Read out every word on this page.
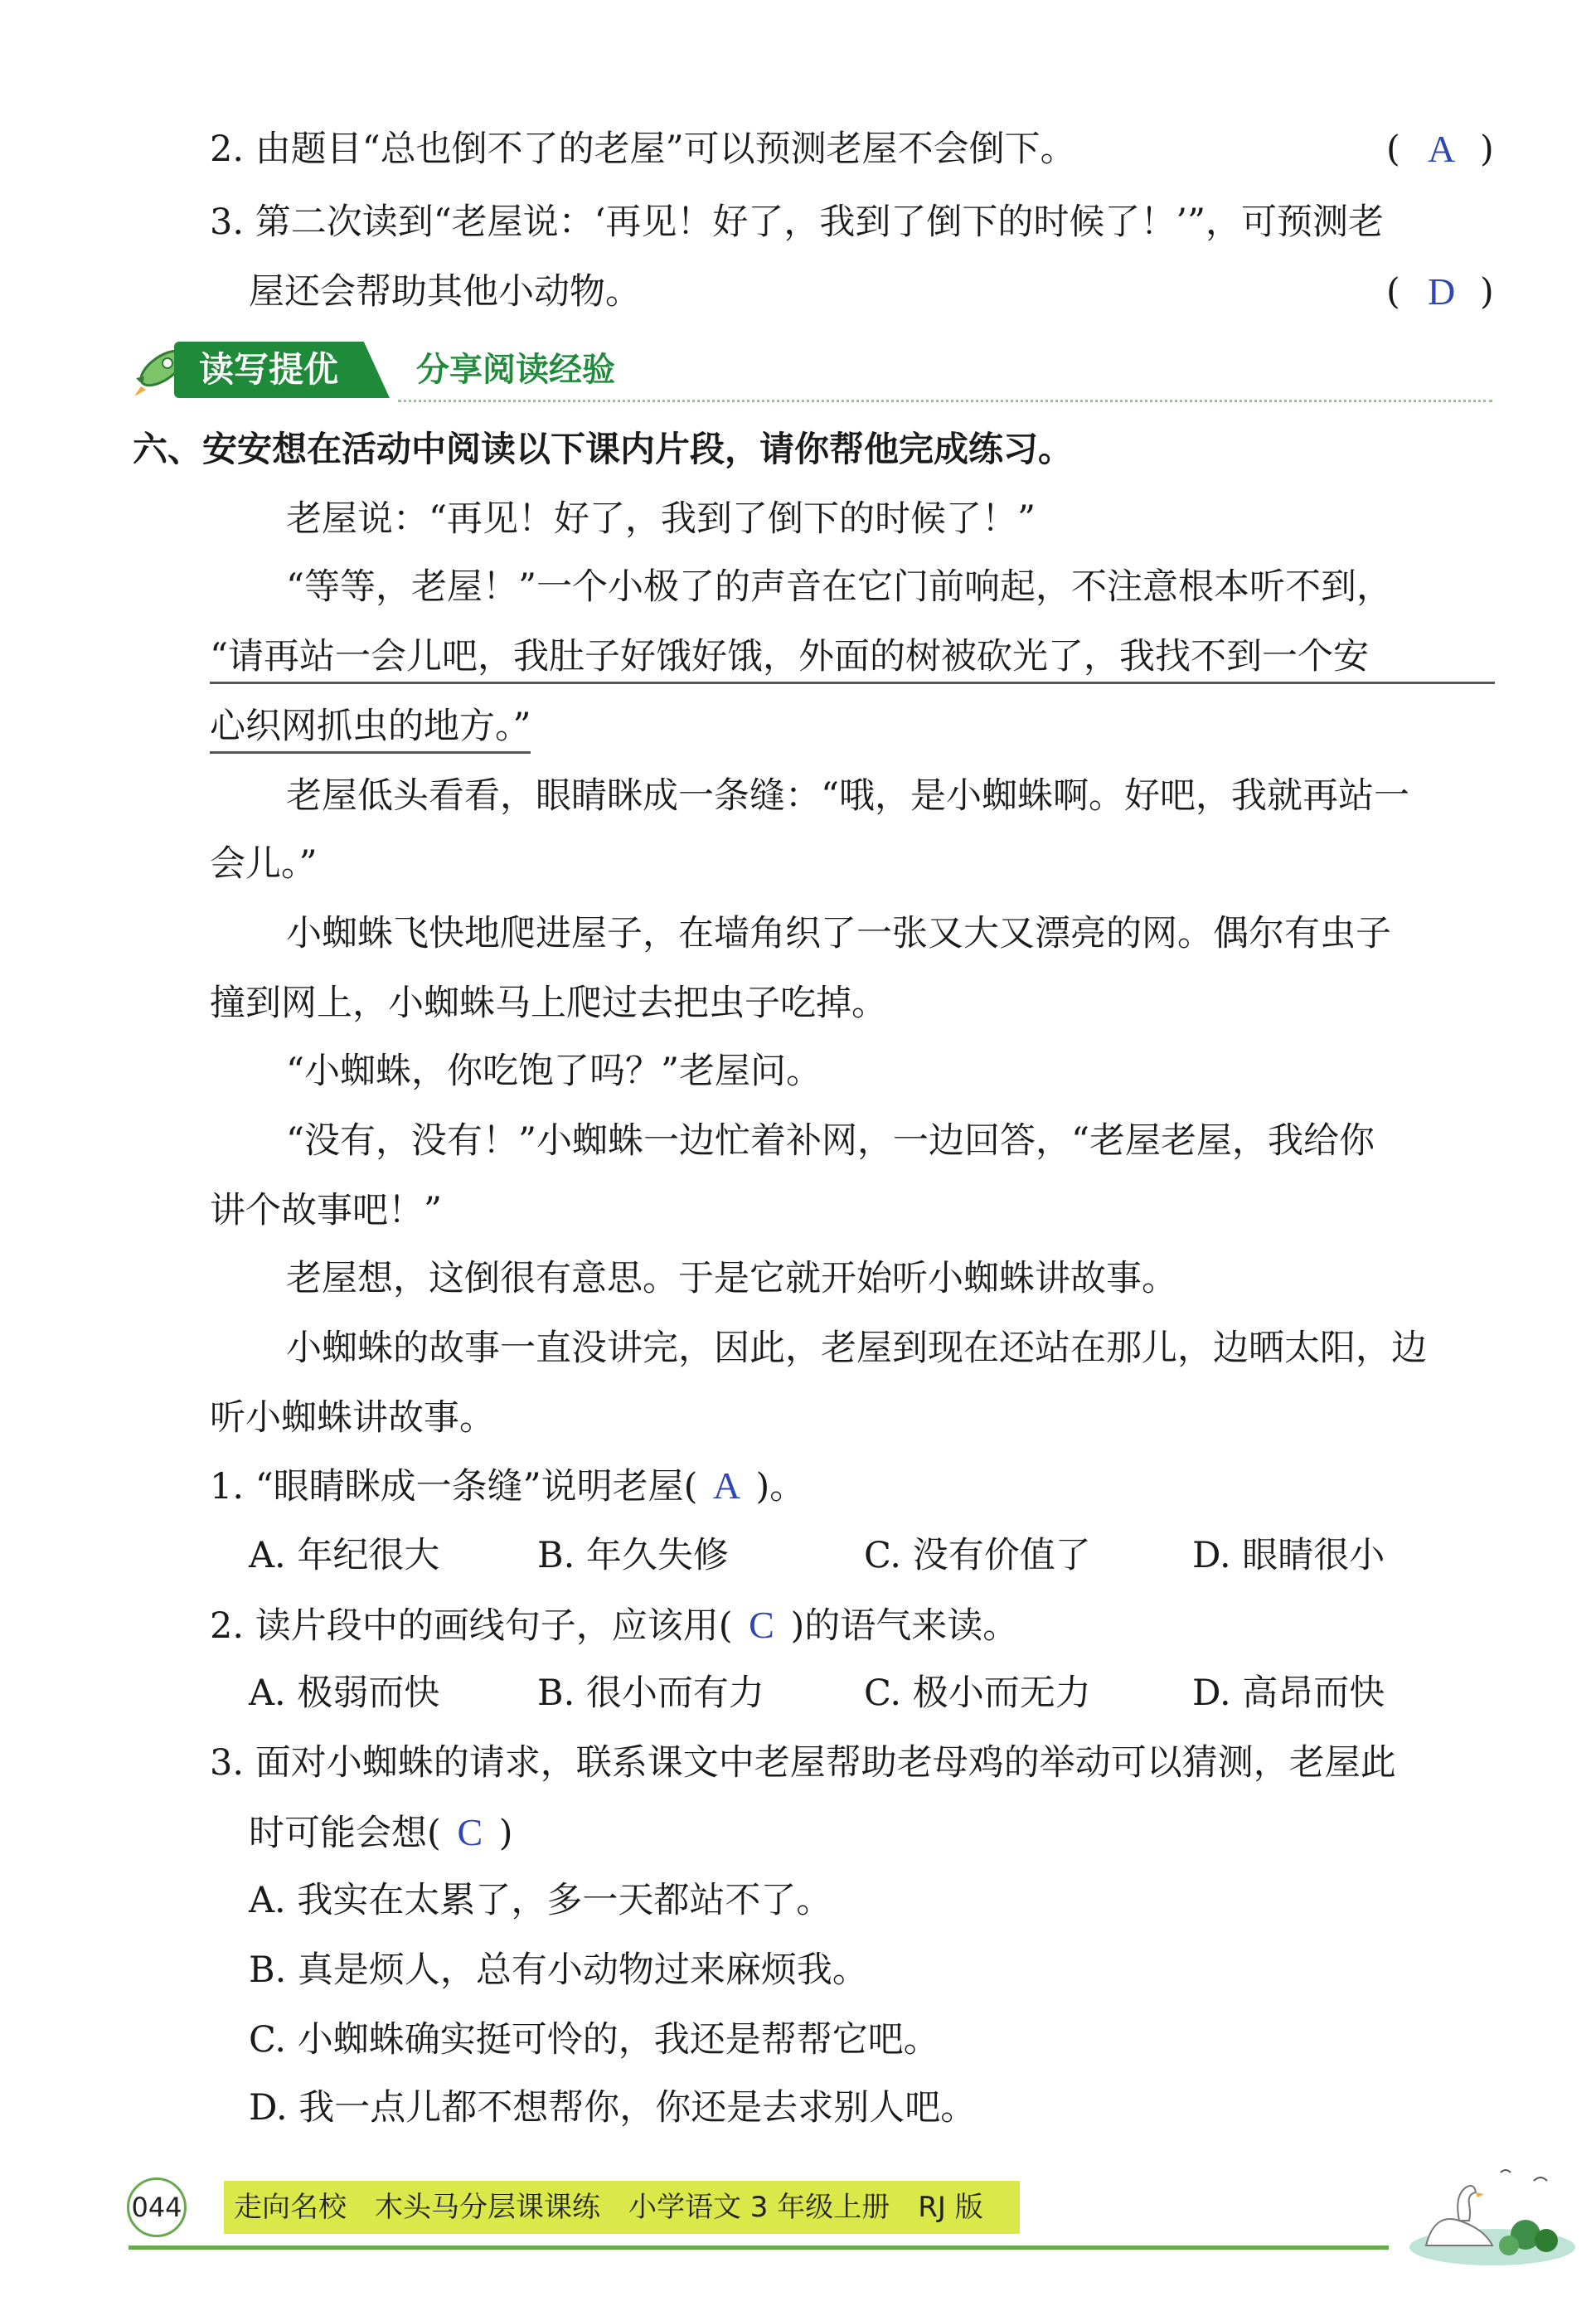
2. 由题目“总也倒不了的老屋”可以预测老屋不会倒下。	( A )
3. 第二次读到“老屋说：‘再见！好了，我到了倒下的时候了！’”，可预测老
屋还会帮助其他小动物。	( D )
读写提优 分享阅读经验
六、安安想在活动中阅读以下课内片段，请你帮他完成练习。
老屋说：“再见！好了，我到了倒下的时候了！”
“等等，老屋！”一个小极了的声音在它门前响起，不注意根本听不到，
“请再站一会儿吧，我肚子好饿好饿，外面的树被砍光了，我找不到一个安
心织网抓虫的地方。”
老屋低头看看，眼睛眯成一条缝：“哦，是小蜘蛛啊。好吧，我就再站一
会儿。”
小蜘蛛飞快地爬进屋子，在墙角织了一张又大又漂亮的网。偶尔有虫子
撞到网上，小蜘蛛马上爬过去把虫子吃掉。
“小蜘蛛，你吃饱了吗？”老屋问。
“没有，没有！”小蜘蛛一边忙着补网，一边回答，“老屋老屋，我给你
讲个故事吧！”
老屋想，这倒很有意思。于是它就开始听小蜘蛛讲故事。
小蜘蛛的故事一直没讲完，因此，老屋到现在还站在那儿，边晒太阳，边
听小蜘蛛讲故事。
1. “眼睛眯成一条缝”说明老屋( A )。
A. 年纪很大	B. 年久失修	C. 没有价值了	D. 眼睛很小
2. 读片段中的画线句子，应该用( C )的语气来读。
A. 极弱而快	B. 很小而有力	C. 极小而无力	D. 高昂而快
3. 面对小蜘蛛的请求，联系课文中老屋帮助老母鸡的举动可以猜测，老屋此
时可能会想( C )
A. 我实在太累了，多一天都站不了。
B. 真是烦人，总有小动物过来麻烦我。
C. 小蜘蛛确实挺可怜的，我还是帮帮它吧。
D. 我一点儿都不想帮你，你还是去求别人吧。
044 走向名校　木头马分层课课练　小学语文 3 年级上册　RJ 版
